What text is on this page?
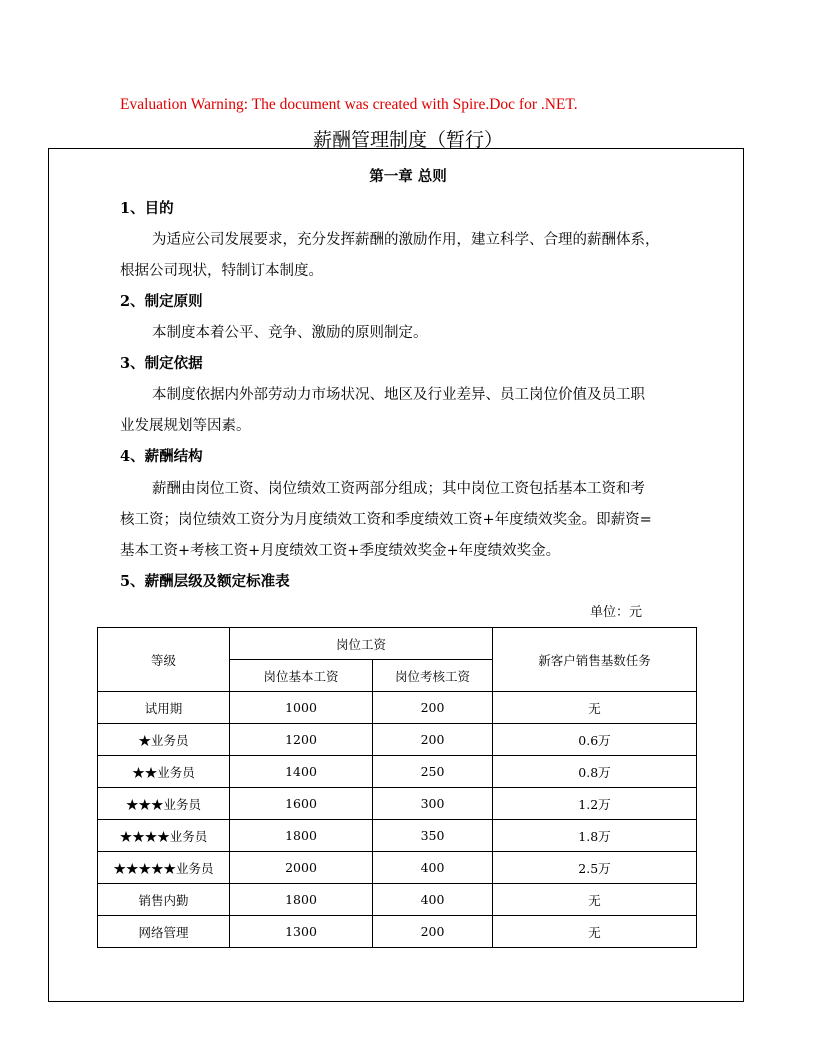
Evaluation Warning: The document was created with Spire.Doc for .NET.
薪酬管理制度（暂行）
第一章 总则
1、目的
为适应公司发展要求，充分发挥薪酬的激励作用，建立科学、合理的薪酬体系，
根据公司现状，特制订本制度。
2、制定原则
本制度本着公平、竞争、激励的原则制定。
3、制定依据
本制度依据内外部劳动力市场状况、地区及行业差异、员工岗位价值及员工职
业发展规划等因素。
4、薪酬结构
薪酬由岗位工资、岗位绩效工资两部分组成；其中岗位工资包括基本工资和考
核工资；岗位绩效工资分为月度绩效工资和季度绩效工资+年度绩效奖金。即薪资=
基本工资+考核工资+月度绩效工资+季度绩效奖金+年度绩效奖金。
5、薪酬层级及额定标准表
单位：元
等级	岗位工资		新客户销售基数任务
	岗位基本工资	岗位考核工资	
试用期	1000	200	无
★业务员	1200	200	0.6万
★★业务员	1400	250	0.8万
★★★业务员	1600	300	1.2万
★★★★业务员	1800	350	1.8万
★★★★★业务员	2000	400	2.5万
销售内勤	1800	400	无
网络管理	1300	200	无
